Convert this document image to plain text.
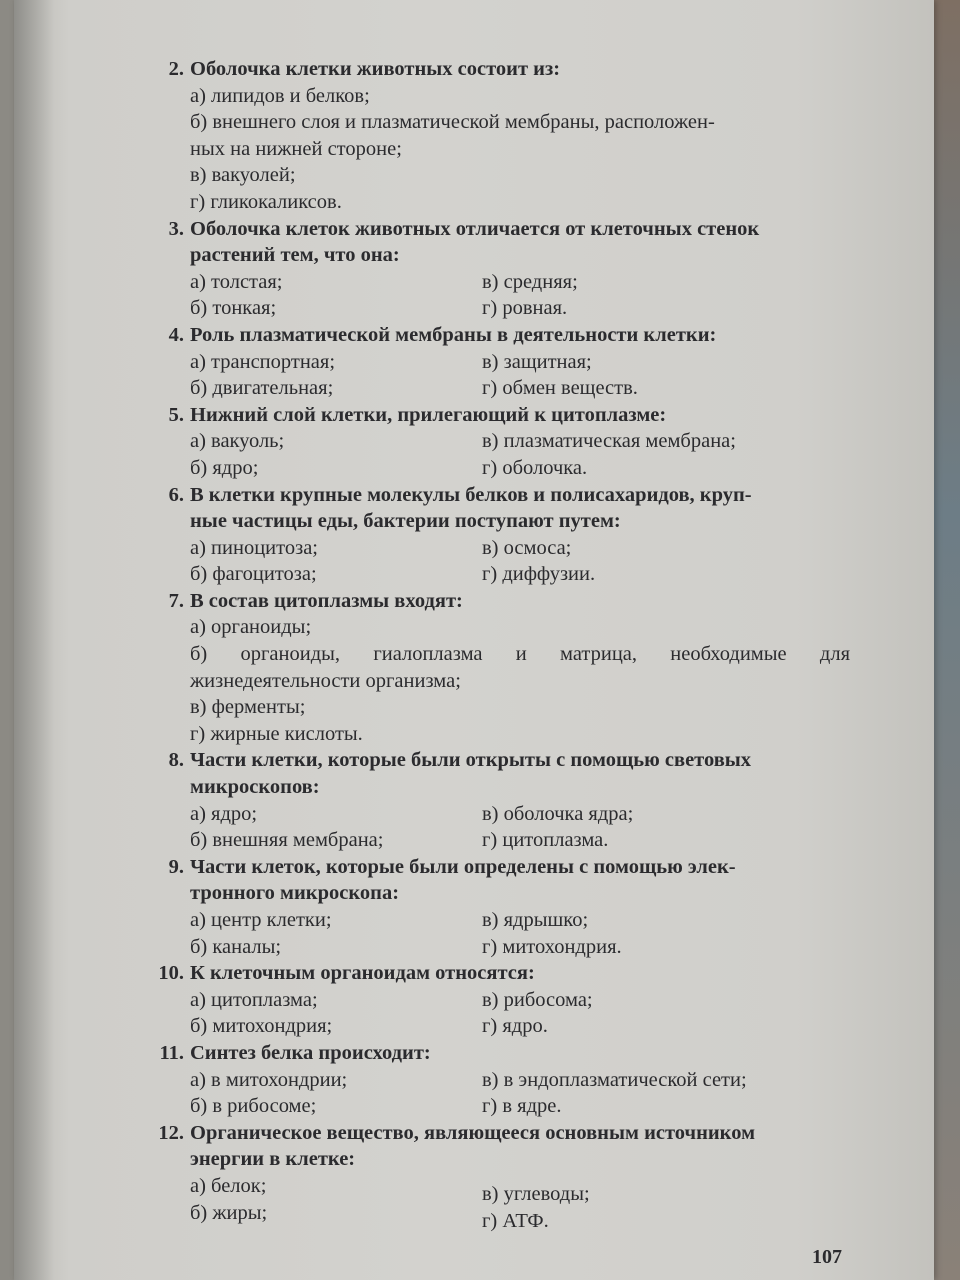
2. Оболочка клетки животных состоит из:
а) липидов и белков;
б) внешнего слоя и плазматической мембраны, расположен-
ных на нижней стороне;
в) вакуолей;
г) гликокаликсов.
3. Оболочка клеток животных отличается от клеточных стенок
растений тем, что она:
а) толстая;	в) средняя;
б) тонкая;	г) ровная.
4. Роль плазматической мембраны в деятельности клетки:
а) транспортная;	в) защитная;
б) двигательная;	г) обмен веществ.
5. Нижний слой клетки, прилегающий к цитоплазме:
а) вакуоль;	в) плазматическая мембрана;
б) ядро;	г) оболочка.
6. В клетки крупные молекулы белков и полисахаридов, круп-
ные частицы еды, бактерии поступают путем:
а) пиноцитоза;	в) осмоса;
б) фагоцитоза;	г) диффузии.
7. В состав цитоплазмы входят:
а) органоиды;
б) органоиды, гиалоплазма и матрица, необходимые для
жизнедеятельности организма;
в) ферменты;
г) жирные кислоты.
8. Части клетки, которые были открыты с помощью световых
микроскопов:
а) ядро;	в) оболочка ядра;
б) внешняя мембрана;	г) цитоплазма.
9. Части клеток, которые были определены с помощью элек-
тронного микроскопа:
а) центр клетки;	в) ядрышко;
б) каналы;	г) митохондрия.
10. К клеточным органоидам относятся:
а) цитоплазма;	в) рибосома;
б) митохондрия;	г) ядро.
11. Синтез белка происходит:
а) в митохондрии;	в) в эндоплазматической сети;
б) в рибосоме;	г) в ядре.
12. Органическое вещество, являющееся основным источником
энергии в клетке:
а) белок;	в) углеводы;
б) жиры;	г) АТФ.
107
